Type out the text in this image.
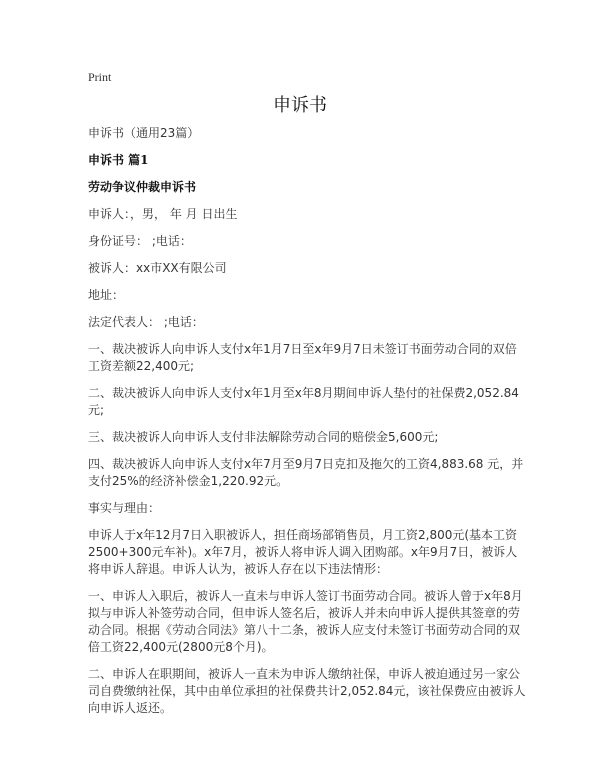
Print
申诉书
申诉书（通用23篇）
申诉书 篇1
劳动争议仲裁申诉书
申诉人：，男， 年 月 日出生
身份证号： ;电话：
被诉人：xx市XX有限公司
地址：
法定代表人： ;电话：
一、裁决被诉人向申诉人支付x年1月7日至x年9月7日未签订书面劳动合同的双倍工资差额22,400元;
二、裁决被诉人向申诉人支付x年1月至x年8月期间申诉人垫付的社保费2,052.84元;
三、裁决被诉人向申诉人支付非法解除劳动合同的赔偿金5,600元;
四、裁决被诉人向申诉人支付x年7月至9月7日克扣及拖欠的工资4,883.68 元，并支付25%的经济补偿金1,220.92元。
事实与理由：
申诉人于x年12月7日入职被诉人，担任商场部销售员，月工资2,800元(基本工资2500+300元车补)。x年7月，被诉人将申诉人调入团购部。x年9月7日，被诉人将申诉人辞退。申诉人认为，被诉人存在以下违法情形：
一、申诉人入职后，被诉人一直未与申诉人签订书面劳动合同。被诉人曾于x年8月拟与申诉人补签劳动合同，但申诉人签名后，被诉人并未向申诉人提供其签章的劳动合同。根据《劳动合同法》第八十二条，被诉人应支付未签订书面劳动合同的双倍工资22,400元(2800元8个月)。
二、申诉人在职期间，被诉人一直未为申诉人缴纳社保，申诉人被迫通过另一家公司自费缴纳社保，其中由单位承担的社保费共计2,052.84元，该社保费应由被诉人向申诉人返还。
